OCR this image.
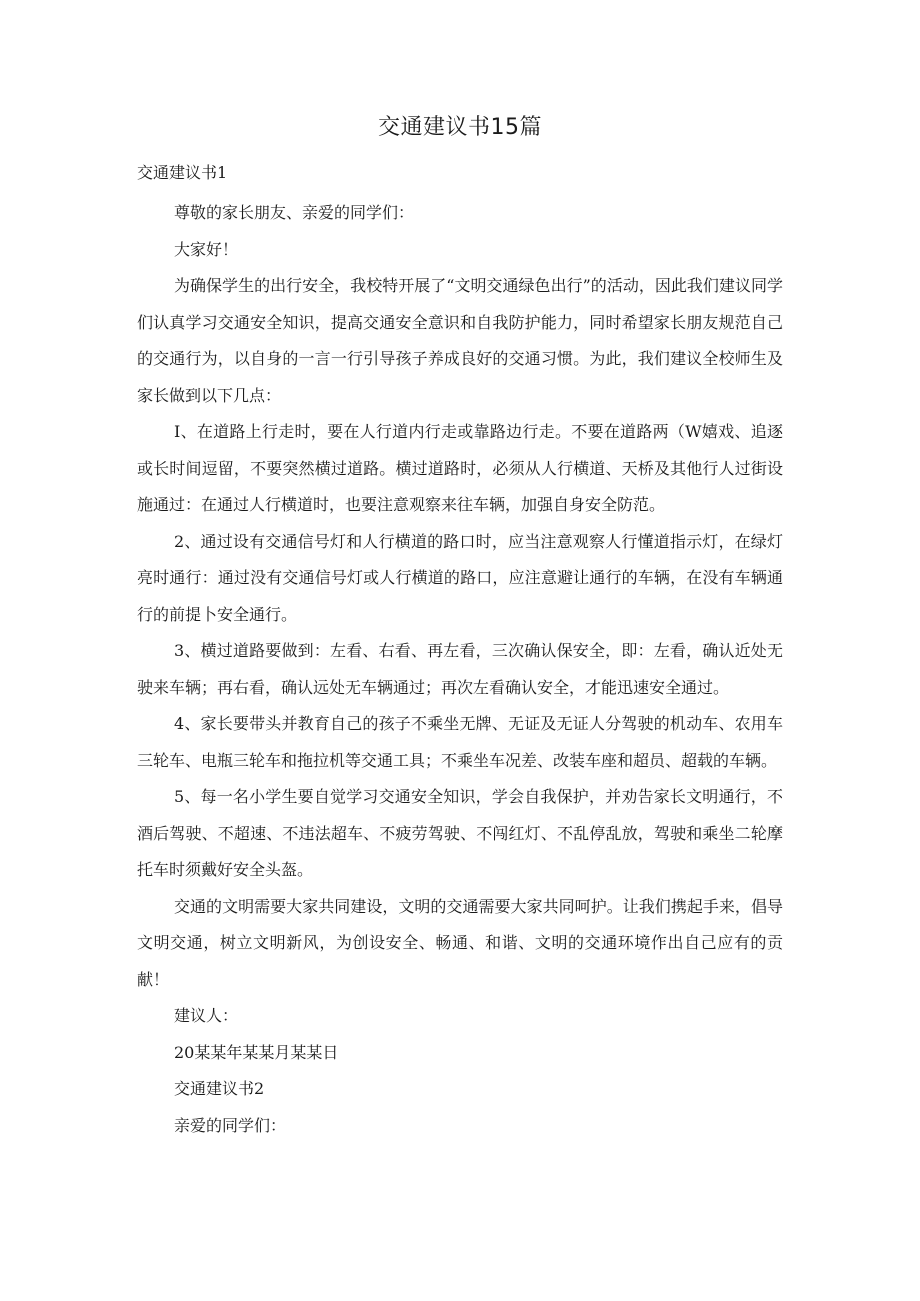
交通建议书15篇
交通建议书1

尊敬的家长朋友、亲爱的同学们：

大家好！

为确保学生的出行安全，我校特开展了“文明交通绿色出行”的活动，因此我们建议同学们认真学习交通安全知识，提高交通安全意识和自我防护能力，同时希望家长朋友规范自己的交通行为，以自身的一言一行引导孩子养成良好的交通习惯。为此，我们建议全校师生及家长做到以下几点：

I、在道路上行走时，要在人行道内行走或靠路边行走。不要在道路两（W嬉戏、追逐或长时间逗留，不要突然横过道路。横过道路时，必须从人行横道、天桥及其他行人过街设施通过：在通过人行横道时，也要注意观察来往车辆，加强自身安全防范。

2、通过设有交通信号灯和人行横道的路口时，应当注意观察人行懂道指示灯，在绿灯亮时通行：通过没有交通信号灯或人行横道的路口，应注意避让通行的车辆，在没有车辆通行的前提卜安全通行。

3、横过道路要做到：左看、右看、再左看，三次确认保安全，即：左看，确认近处无驶来车辆；再右看，确认远处无车辆通过；再次左看确认安全，才能迅速安全通过。

4、家长要带头并教育自己的孩子不乘坐无牌、无证及无证人分驾驶的机动车、农用车三轮车、电瓶三轮车和拖拉机等交通工具；不乘坐车况差、改装车座和超员、超载的车辆。

5、每一名小学生要自觉学习交通安全知识，学会自我保护，并劝告家长文明通行，不酒后驾驶、不超速、不违法超车、不疲劳驾驶、不闯红灯、不乱停乱放，驾驶和乘坐二轮摩托车时须戴好安全头盔。

交通的文明需要大家共同建设，文明的交通需要大家共同呵护。让我们携起手来，倡导文明交通，树立文明新风，为创设安全、畅通、和谐、文明的交通环境作出自己应有的贡献！

建议人：

20某某年某某月某某日

交通建议书2

亲爱的同学们：
